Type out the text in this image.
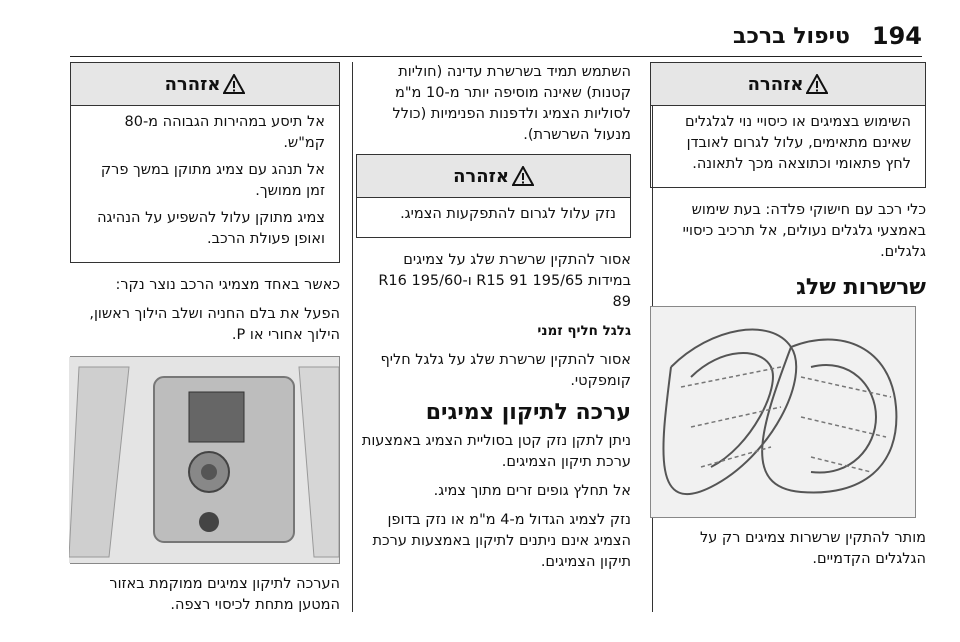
194
טיפול ברכב
אזהרה

השימוש בצמיגים או כיסויי נוי לגלגלים שאינם מתאימים, עלול לגרום לאובדן לחץ פתאומי וכתוצאה מכך לתאונה.

כלי רכב עם חישוקי פלדה: בעת שימוש באמצעי גלגלים נעולים, אל תרכיב כיסויי גלגלים.

שרשרות שלג

מותר להתקין שרשרות צמיגים רק על הגלגלים הקדמיים.

השתמש תמיד בשרשרת עדינה (חוליות קטנות) שאינה מוסיפה יותר מ-10 מ"מ לסוליות הצמיג ולדפנות הפנימיות (כולל מנעול השרשרת).

אזהרה

נזק עלול לגרום להתפקעות הצמיג.

אסור להתקין שרשרת שלג על צמיגים במידות 195/65 R15 91 ו-195/60 R16 89

גלגל חליף זמני

אסור להתקין שרשרת שלג על גלגל חליף קומפקטי.

ערכה לתיקון צמיגים

ניתן לתקן נזק קטן בסוליית הצמיג באמצעות ערכת תיקון הצמיגים.

אל תחלץ גופים זרים מתוך צמיג.

נזק לצמיג הגדול מ-4 מ"מ או נזק בדופן הצמיג אינם ניתנים לתיקון באמצעות ערכת תיקון הצמיגים.

אזהרה

אל תיסע במהירות הגבוהה מ-80 קמ"ש.

אל תנהג עם צמיג מתוקן במשך פרק זמן ממושך.

צמיג מתוקן עלול להשפיע על הנהיגה ואופן פעולת הרכב.

כאשר באחד מצמיגי הרכב נוצר נקר:

הפעל את בלם החניה ושלב הילוך ראשון, הילוך אחורי או P.

הערכה לתיקון צמיגים ממוקמת באזור המטען מתחת לכיסוי רצפה.
